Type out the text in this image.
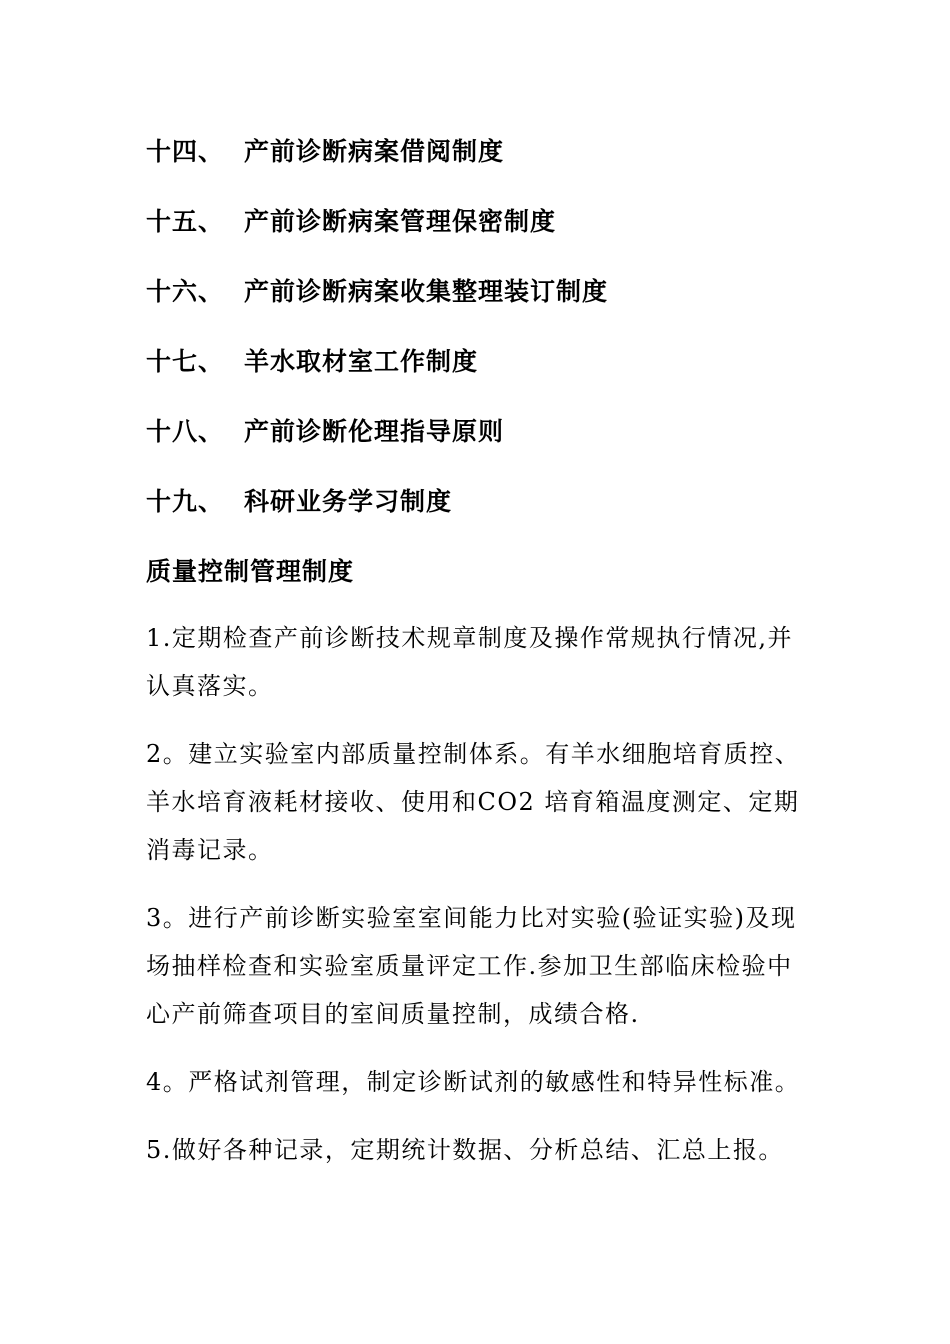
十四、 产前诊断病案借阅制度
十五、 产前诊断病案管理保密制度
十六、 产前诊断病案收集整理装订制度
十七、 羊水取材室工作制度
十八、 产前诊断伦理指导原则
十九、 科研业务学习制度
质量控制管理制度

1.定期检查产前诊断技术规章制度及操作常规执行情况,并
认真落实。

2。建立实验室内部质量控制体系。有羊水细胞培育质控、
羊水培育液耗材接收、使用和CO2 培育箱温度测定、定期
消毒记录。

3。进行产前诊断实验室室间能力比对实验(验证实验)及现
场抽样检查和实验室质量评定工作.参加卫生部临床检验中
心产前筛查项目的室间质量控制，成绩合格.

4。严格试剂管理，制定诊断试剂的敏感性和特异性标准。

5.做好各种记录，定期统计数据、分析总结、汇总上报。
